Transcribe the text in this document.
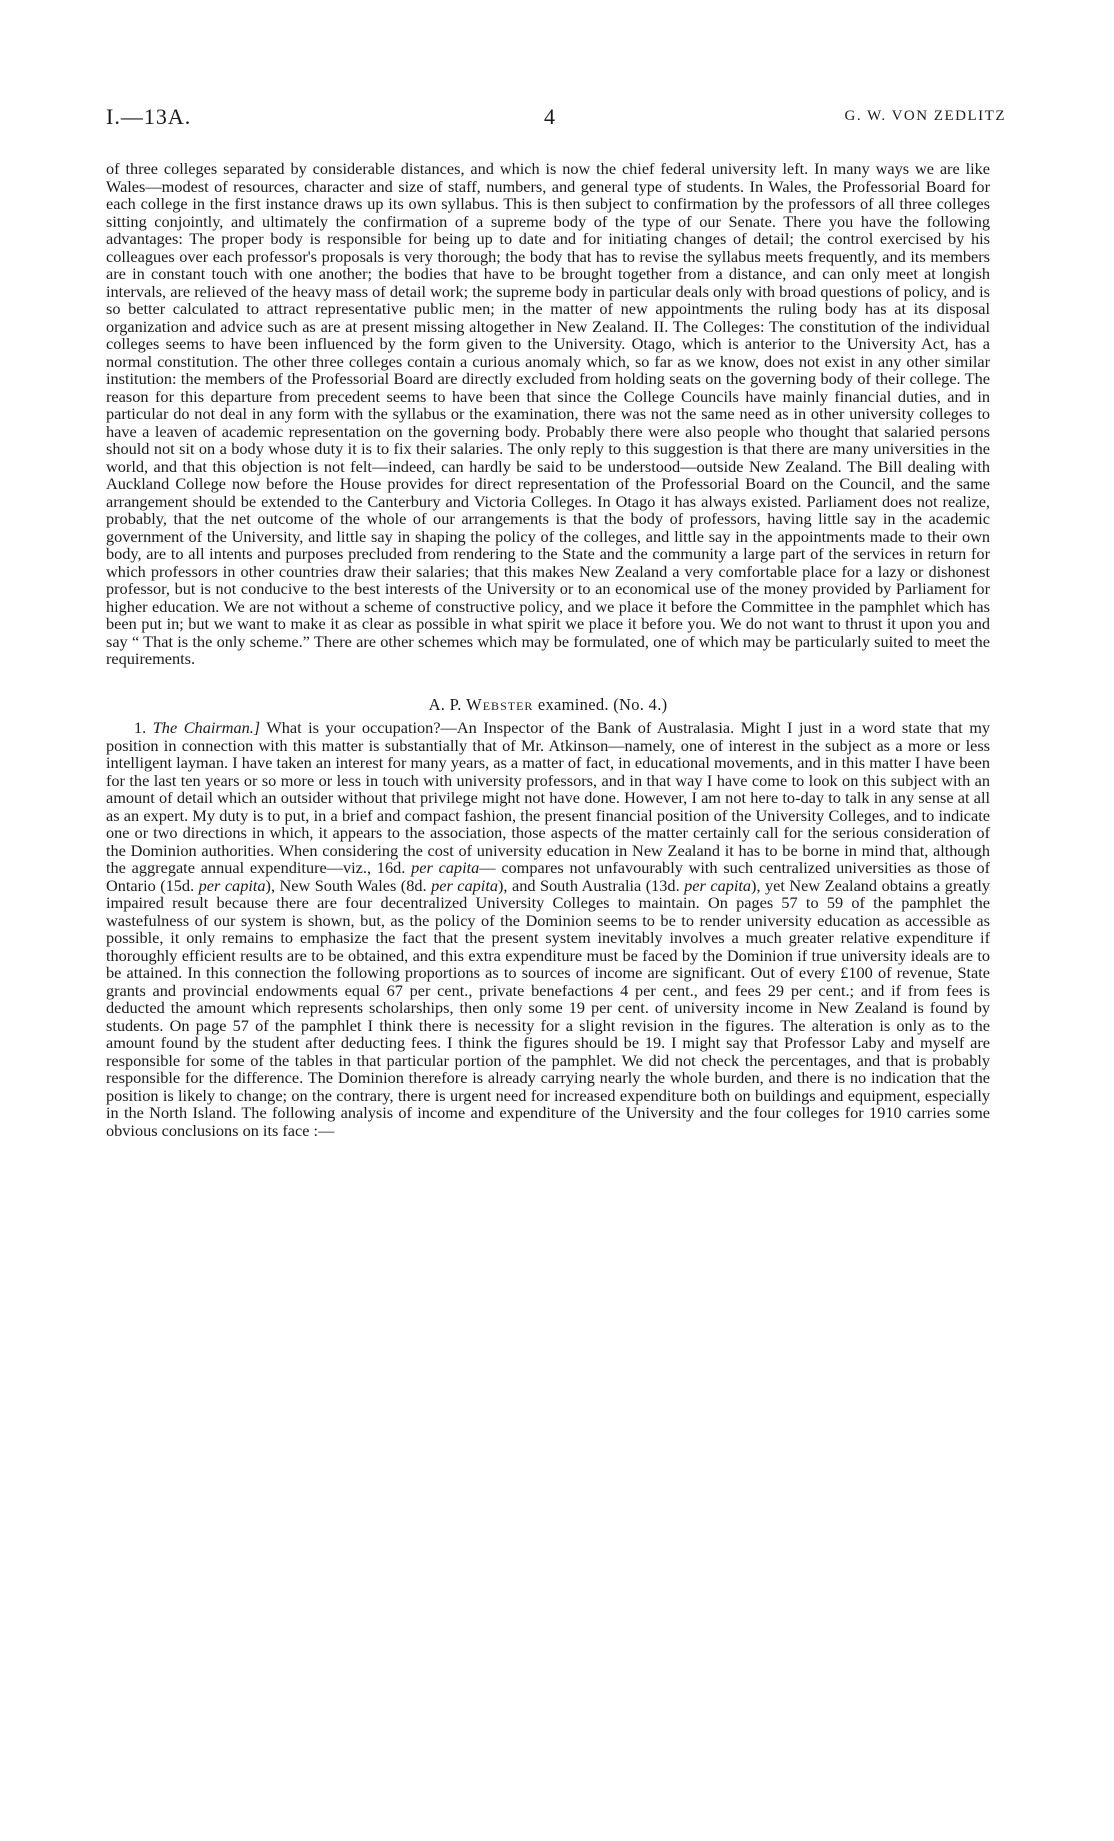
I.—13A.	4	G. W. VON ZEDLITZ

of three colleges separated by considerable distances, and which is now the chief federal university left. In many ways we are like Wales—modest of resources, character and size of staff, numbers, and general type of students. In Wales, the Professorial Board for each college in the first instance draws up its own syllabus. This is then subject to confirmation by the professors of all three colleges sitting conjointly, and ultimately the confirmation of a supreme body of the type of our Senate. There you have the following advantages: The proper body is responsible for being up to date and for initiating changes of detail; the control exercised by his colleagues over each professor's proposals is very thorough; the body that has to revise the syllabus meets frequently, and its members are in constant touch with one another; the bodies that have to be brought together from a distance, and can only meet at longish intervals, are relieved of the heavy mass of detail work; the supreme body in particular deals only with broad questions of policy, and is so better calculated to attract representative public men; in the matter of new appointments the ruling body has at its disposal organization and advice such as are at present missing altogether in New Zealand. II. The Colleges: The constitution of the individual colleges seems to have been influenced by the form given to the University. Otago, which is anterior to the University Act, has a normal constitution. The other three colleges contain a curious anomaly which, so far as we know, does not exist in any other similar institution: the members of the Professorial Board are directly excluded from holding seats on the governing body of their college. The reason for this departure from precedent seems to have been that since the College Councils have mainly financial duties, and in particular do not deal in any form with the syllabus or the examination, there was not the same need as in other university colleges to have a leaven of academic representation on the governing body. Probably there were also people who thought that salaried persons should not sit on a body whose duty it is to fix their salaries. The only reply to this suggestion is that there are many universities in the world, and that this objection is not felt—indeed, can hardly be said to be understood—outside New Zealand. The Bill dealing with Auckland College now before the House provides for direct representation of the Professorial Board on the Council, and the same arrangement should be extended to the Canterbury and Victoria Colleges. In Otago it has always existed. Parliament does not realize, probably, that the net outcome of the whole of our arrangements is that the body of professors, having little say in the academic government of the University, and little say in shaping the policy of the colleges, and little say in the appointments made to their own body, are to all intents and purposes precluded from rendering to the State and the community a large part of the services in return for which professors in other countries draw their salaries; that this makes New Zealand a very comfortable place for a lazy or dishonest professor, but is not conducive to the best interests of the University or to an economical use of the money provided by Parliament for higher education. We are not without a scheme of constructive policy, and we place it before the Committee in the pamphlet which has been put in; but we want to make it as clear as possible in what spirit we place it before you. We do not want to thrust it upon you and say “ That is the only scheme.” There are other schemes which may be formulated, one of which may be particularly suited to meet the requirements.

A. P. Webster examined. (No. 4.)

1. The Chairman.] What is your occupation?—An Inspector of the Bank of Australasia. Might I just in a word state that my position in connection with this matter is substantially that of Mr. Atkinson—namely, one of interest in the subject as a more or less intelligent layman. I have taken an interest for many years, as a matter of fact, in educational movements, and in this matter I have been for the last ten years or so more or less in touch with university professors, and in that way I have come to look on this subject with an amount of detail which an outsider without that privilege might not have done. However, I am not here to-day to talk in any sense at all as an expert. My duty is to put, in a brief and compact fashion, the present financial position of the University Colleges, and to indicate one or two directions in which, it appears to the association, those aspects of the matter certainly call for the serious consideration of the Dominion authorities. When considering the cost of university education in New Zealand it has to be borne in mind that, although the aggregate annual expenditure—viz., 16d. per capita— compares not unfavourably with such centralized universities as those of Ontario (15d. per capita), New South Wales (8d. per capita), and South Australia (13d. per capita), yet New Zealand obtains a greatly impaired result because there are four decentralized University Colleges to maintain. On pages 57 to 59 of the pamphlet the wastefulness of our system is shown, but, as the policy of the Dominion seems to be to render university education as accessible as possible, it only remains to emphasize the fact that the present system inevitably involves a much greater relative expenditure if thoroughly efficient results are to be obtained, and this extra expenditure must be faced by the Dominion if true university ideals are to be attained. In this connection the following proportions as to sources of income are significant. Out of every £100 of revenue, State grants and provincial endowments equal 67 per cent., private benefactions 4 per cent., and fees 29 per cent.; and if from fees is deducted the amount which represents scholarships, then only some 19 per cent. of university income in New Zealand is found by students. On page 57 of the pamphlet I think there is necessity for a slight revision in the figures. The alteration is only as to the amount found by the student after deducting fees. I think the figures should be 19. I might say that Professor Laby and myself are responsible for some of the tables in that particular portion of the pamphlet. We did not check the percentages, and that is probably responsible for the difference. The Dominion therefore is already carrying nearly the whole burden, and there is no indication that the position is likely to change; on the contrary, there is urgent need for increased expenditure both on buildings and equipment, especially in the North Island. The following analysis of income and expenditure of the University and the four colleges for 1910 carries some obvious conclusions on its face :—
